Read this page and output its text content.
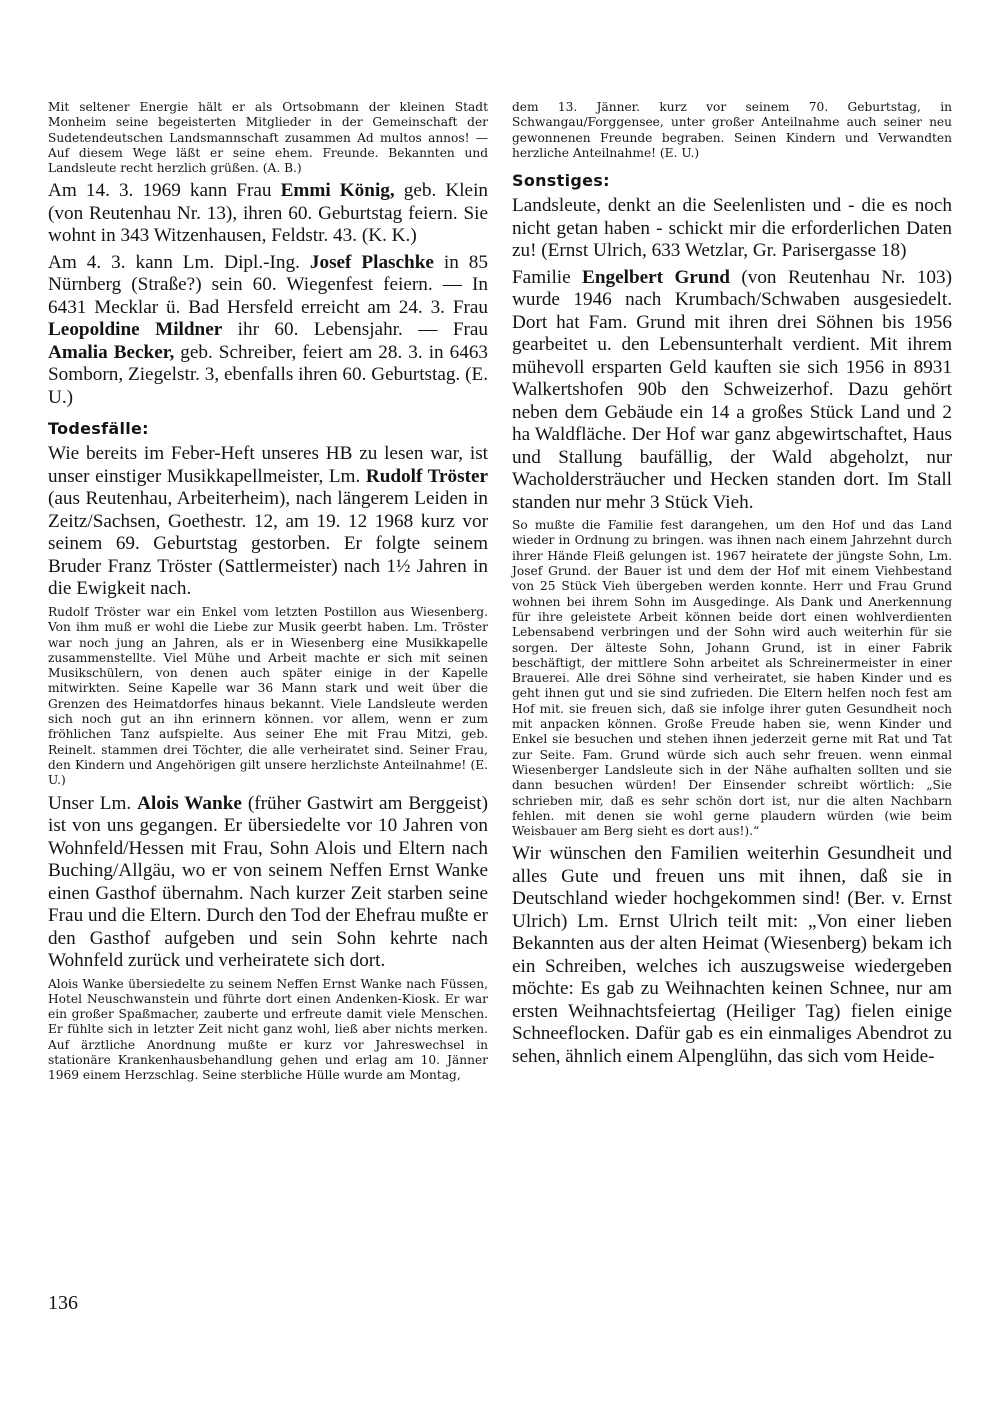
Mit seltener Energie hält er als Ortsobmann der kleinen Stadt Monheim seine begeisterten Mitglieder in der Gemeinschaft der Sudetendeutschen Landsmannschaft zusammen Ad multos annos! — Auf diesem Wege läßt er seine ehem. Freunde. Bekannten und Landsleute recht herzlich grüßen. (A. B.)

Am 14. 3. 1969 kann Frau Emmi König, geb. Klein (von Reutenhau Nr. 13), ihren 60. Geburtstag feiern. Sie wohnt in 343 Witzenhausen, Feldstr. 43. (K. K.)

Am 4. 3. kann Lm. Dipl.-Ing. Josef Plaschke in 85 Nürnberg (Straße?) sein 60. Wiegenfest feiern. — In 6431 Mecklar ü. Bad Hersfeld erreicht am 24. 3. Frau Leopoldine Mildner ihr 60. Lebensjahr. — Frau Amalia Becker, geb. Schreiber, feiert am 28. 3. in 6463 Somborn, Ziegelstr. 3, ebenfalls ihren 60. Geburtstag. (E. U.)

Todesfälle:

Wie bereits im Feber-Heft unseres HB zu lesen war, ist unser einstiger Musikkapellmeister, Lm. Rudolf Tröster (aus Reutenhau, Arbeiterheim), nach längerem Leiden in Zeitz/Sachsen, Goethestr. 12, am 19. 12 1968 kurz vor seinem 69. Geburtstag gestorben. Er folgte seinem Bruder Franz Tröster (Sattlermeister) nach 1½ Jahren in die Ewigkeit nach.

Rudolf Tröster war ein Enkel vom letzten Postillon aus Wiesenberg. Von ihm muß er wohl die Liebe zur Musik geerbt haben. Lm. Tröster war noch jung an Jahren, als er in Wiesenberg eine Musikkapelle zusammenstellte. Viel Mühe und Arbeit machte er sich mit seinen Musikschülern, von denen auch später einige in der Kapelle mitwirkten. Seine Kapelle war 36 Mann stark und weit über die Grenzen des Heimatdorfes hinaus bekannt. Viele Landsleute werden sich noch gut an ihn erinnern können. vor allem, wenn er zum fröhlichen Tanz aufspielte. Aus seiner Ehe mit Frau Mitzi, geb. Reinelt. stammen drei Töchter, die alle verheiratet sind. Seiner Frau, den Kindern und Angehörigen gilt unsere herzlichste Anteilnahme! (E. U.)

Unser Lm. Alois Wanke (früher Gastwirt am Berggeist) ist von uns gegangen. Er übersiedelte vor 10 Jahren von Wohnfeld/Hessen mit Frau, Sohn Alois und Eltern nach Buching/Allgäu, wo er von seinem Neffen Ernst Wanke einen Gasthof übernahm. Nach kurzer Zeit starben seine Frau und die Eltern. Durch den Tod der Ehefrau mußte er den Gasthof aufgeben und sein Sohn kehrte nach Wohnfeld zurück und verheiratete sich dort.

Alois Wanke übersiedelte zu seinem Neffen Ernst Wanke nach Füssen, Hotel Neuschwanstein und führte dort einen Andenken-Kiosk. Er war ein großer Spaßmacher, zauberte und erfreute damit viele Menschen. Er fühlte sich in letzter Zeit nicht ganz wohl, ließ aber nichts merken. Auf ärztliche Anordnung mußte er kurz vor Jahreswechsel in stationäre Krankenhausbehandlung gehen und erlag am 10. Jänner 1969 einem Herzschlag. Seine sterbliche Hülle wurde am Montag,

dem 13. Jänner. kurz vor seinem 70. Geburtstag, in Schwangau/Forggensee, unter großer Anteilnahme auch seiner neu gewonnenen Freunde begraben. Seinen Kindern und Verwandten herzliche Anteilnahme! (E. U.)

Sonstiges:

Landsleute, denkt an die Seelenlisten und - die es noch nicht getan haben - schickt mir die erforderlichen Daten zu! (Ernst Ulrich, 633 Wetzlar, Gr. Parisergasse 18)

Familie Engelbert Grund (von Reutenhau Nr. 103) wurde 1946 nach Krumbach/Schwaben ausgesiedelt. Dort hat Fam. Grund mit ihren drei Söhnen bis 1956 gearbeitet u. den Lebensunterhalt verdient. Mit ihrem mühevoll ersparten Geld kauften sie sich 1956 in 8931 Walkertshofen 90b den Schweizerhof. Dazu gehört neben dem Gebäude ein 14 a großes Stück Land und 2 ha Waldfläche. Der Hof war ganz abgewirtschaftet, Haus und Stallung baufällig, der Wald abgeholzt, nur Wacholdersträucher und Hecken standen dort. Im Stall standen nur mehr 3 Stück Vieh.

So mußte die Familie fest darangehen, um den Hof und das Land wieder in Ordnung zu bringen. was ihnen nach einem Jahrzehnt durch ihrer Hände Fleiß gelungen ist. 1967 heiratete der jüngste Sohn, Lm. Josef Grund. der Bauer ist und dem der Hof mit einem Viehbestand von 25 Stück Vieh übergeben werden konnte. Herr und Frau Grund wohnen bei ihrem Sohn im Ausgedinge. Als Dank und Anerkennung für ihre geleistete Arbeit können beide dort einen wohlverdienten Lebensabend verbringen und der Sohn wird auch weiterhin für sie sorgen. Der älteste Sohn, Johann Grund, ist in einer Fabrik beschäftigt, der mittlere Sohn arbeitet als Schreinermeister in einer Brauerei. Alle drei Söhne sind verheiratet, sie haben Kinder und es geht ihnen gut und sie sind zufrieden. Die Eltern helfen noch fest am Hof mit. sie freuen sich, daß sie infolge ihrer guten Gesundheit noch mit anpacken können. Große Freude haben sie, wenn Kinder und Enkel sie besuchen und stehen ihnen jederzeit gerne mit Rat und Tat zur Seite. Fam. Grund würde sich auch sehr freuen. wenn einmal Wiesenberger Landsleute sich in der Nähe aufhalten sollten und sie dann besuchen würden! Der Einsender schreibt wörtlich: „Sie schrieben mir, daß es sehr schön dort ist, nur die alten Nachbarn fehlen. mit denen sie wohl gerne plaudern würden (wie beim Weisbauer am Berg sieht es dort aus!).“

Wir wünschen den Familien weiterhin Gesundheit und alles Gute und freuen uns mit ihnen, daß sie in Deutschland wieder hochgekommen sind! (Ber. v. Ernst Ulrich) Lm. Ernst Ulrich teilt mit: „Von einer lieben Bekannten aus der alten Heimat (Wiesenberg) bekam ich ein Schreiben, welches ich auszugsweise wiedergeben möchte: Es gab zu Weihnachten keinen Schnee, nur am ersten Weihnachtsfeiertag (Heiliger Tag) fielen einige Schneeflocken. Dafür gab es ein einmaliges Abendrot zu sehen, ähnlich einem Alpenglühn, das sich vom Heide-

136
